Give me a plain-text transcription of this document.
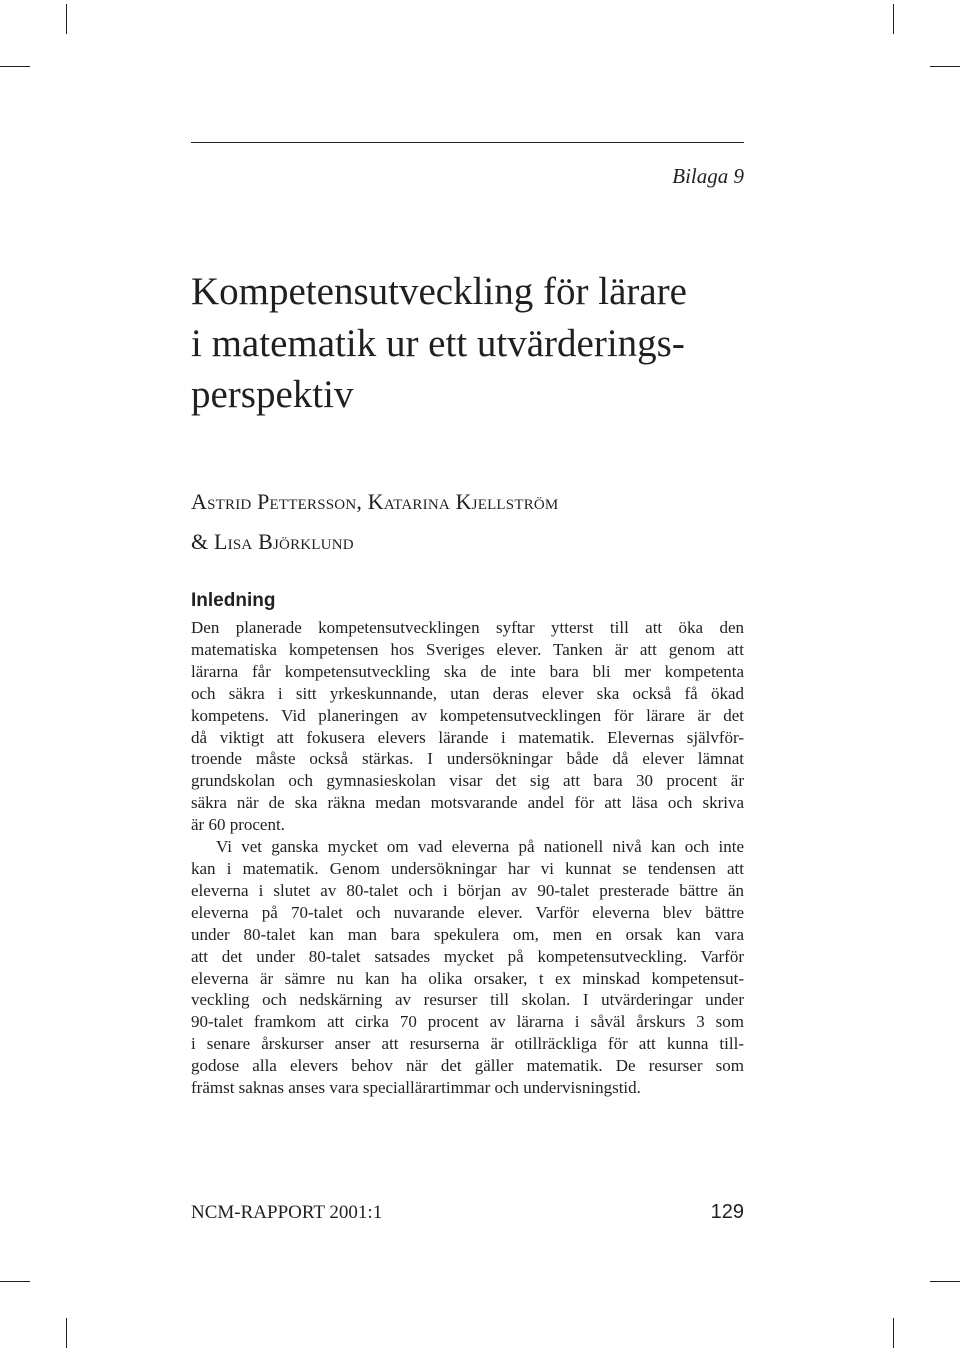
Bilaga 9
Kompetensutveckling för lärare
i matematik ur ett utvärderings-
perspektiv
Astrid Pettersson, Katarina Kjellström
& Lisa Björklund
Inledning
Den planerade kompetensutvecklingen syftar ytterst till att öka den
matematiska kompetensen hos Sveriges elever. Tanken är att genom att
lärarna får kompetensutveckling ska de inte bara bli mer kompetenta
och säkra i sitt yrkeskunnande, utan deras elever ska också få ökad
kompetens. Vid planeringen av kompetensutvecklingen för lärare är det
då viktigt att fokusera elevers lärande i matematik. Elevernas självför-
troende måste också stärkas. I undersökningar både då elever lämnat
grundskolan och gymnasieskolan visar det sig att bara 30 procent är
säkra när de ska räkna medan motsvarande andel för att läsa och skriva
är 60 procent.
Vi vet ganska mycket om vad eleverna på nationell nivå kan och inte
kan i matematik. Genom undersökningar har vi kunnat se tendensen att
eleverna i slutet av 80-talet och i början av 90-talet presterade bättre än
eleverna på 70-talet och nuvarande elever. Varför eleverna blev bättre
under 80-talet kan man bara spekulera om, men en orsak kan vara
att det under 80-talet satsades mycket på kompetensutveckling. Varför
eleverna är sämre nu kan ha olika orsaker, t ex minskad kompetensut-
veckling och nedskärning av resurser till skolan. I utvärderingar under
90-talet framkom att cirka 70 procent av lärarna i såväl årskurs 3 som
i senare årskurser anser att resurserna är otillräckliga för att kunna till-
godose alla elevers behov när det gäller matematik. De resurser som
främst saknas anses vara speciallärartimmar och undervisningstid.
NCM-RAPPORT 2001:1	129
